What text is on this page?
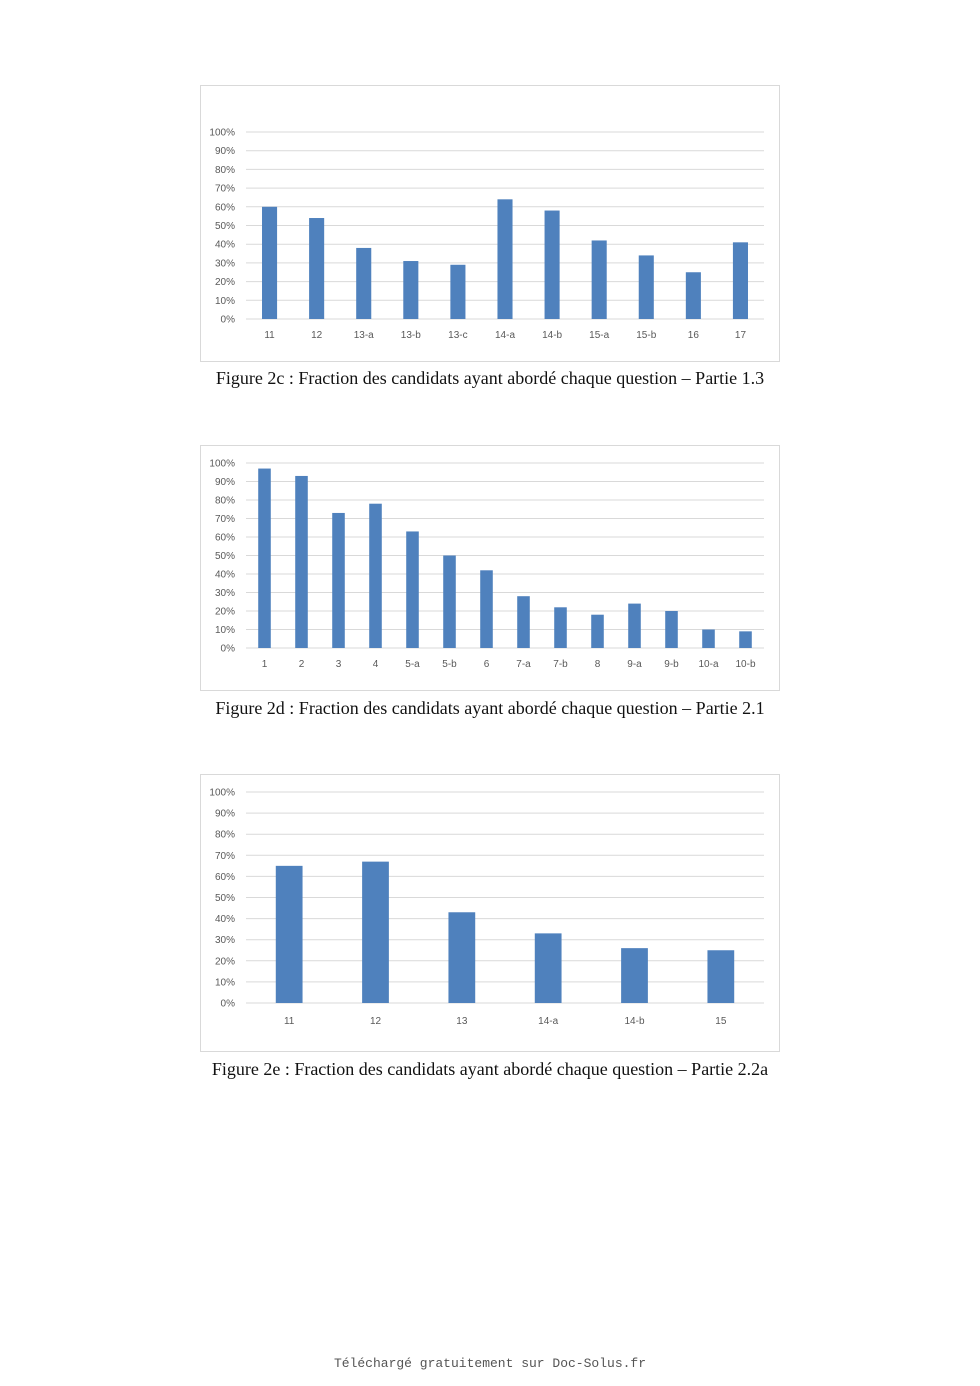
0%
10%
20%
30%
40%
50%
60%
70%
80%
90%
100%
11	12	13-a	13-b	13-c	14-a	14-b	15-a	15-b	16	17
Figure 2c : Fraction des candidats ayant abordé chaque question – Partie 1.3
0%
10%
20%
30%
40%
50%
60%
70%
80%
90%
100%
1	2	3	4	5-a 5-b	6	7-a 7-b	8	9-a 9-b 10-a 10-b
Figure 2d : Fraction des candidats ayant abordé chaque question – Partie 2.1
0%
10%
20%
30%
40%
50%
60%
70%
80%
90%
100%
11	12	13	14-a	14-b	15
Figure 2e : Fraction des candidats ayant abordé chaque question – Partie 2.2a
Téléchargé gratuitement sur Doc-Solus.fr
